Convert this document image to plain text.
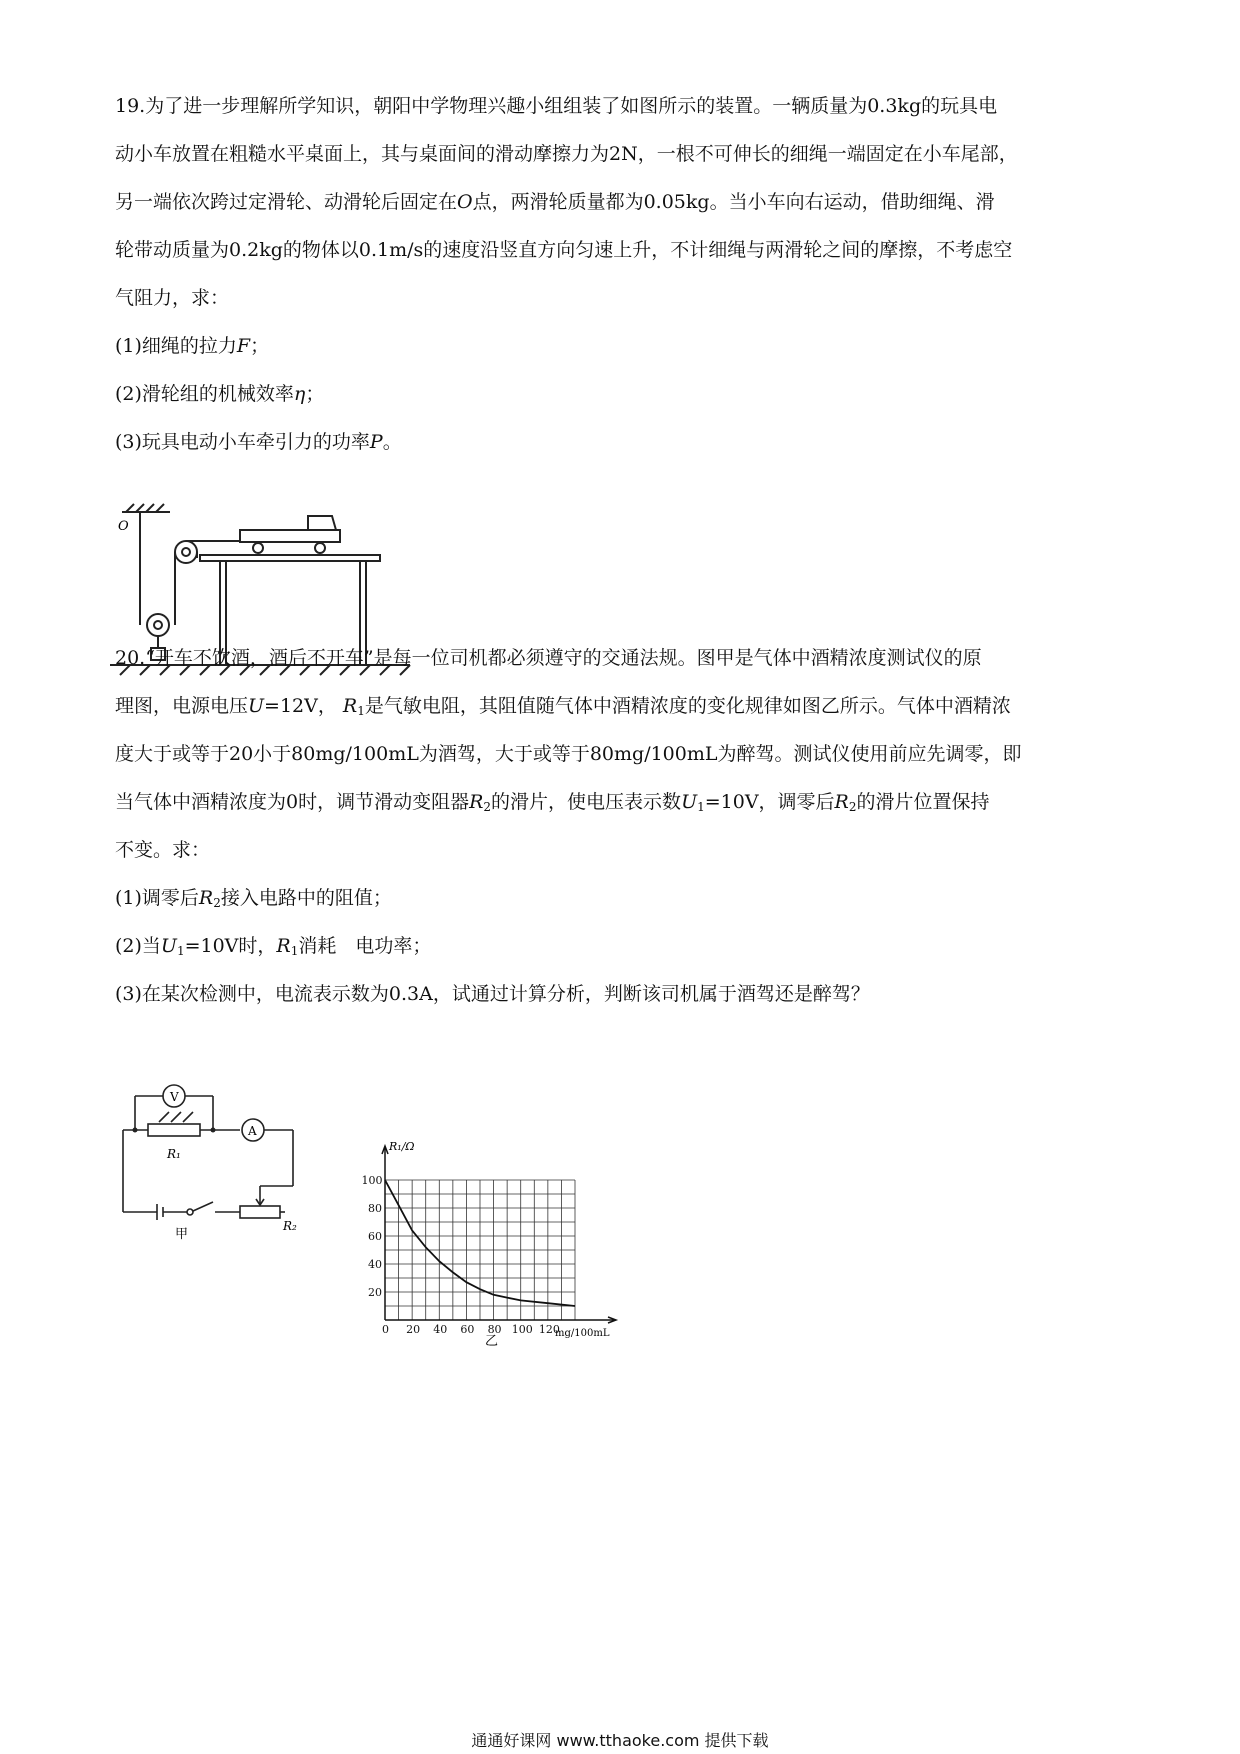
19.为了进一步理解所学知识，朝阳中学物理兴趣小组组装了如图所示的装置。一辆质量为0.3kg的玩具电
动小车放置在粗糙水平桌面上，其与桌面间的滑动摩擦力为2N，一根不可伸长的细绳一端固定在小车尾部，
另一端依次跨过定滑轮、动滑轮后固定在O点，两滑轮质量都为0.05kg。当小车向右运动，借助细绳、滑
轮带动质量为0.2kg的物体以0.1m/s的速度沿竖直方向匀速上升，不计细绳与两滑轮之间的摩擦，不考虑空
气阻力，求：
(1)细绳的拉力F；
(2)滑轮组的机械效率η；
(3)玩具电动小车牵引力的功率P。
O
20.“开车不饮酒，酒后不开车”是每一位司机都必须遵守的交通法规。图甲是气体中酒精浓度测试仪的原
理图，电源电压U=12V， $R_1$是气敏电阻，其阻值随气体中酒精浓度的变化规律如图乙所示。气体中酒精浓
度大于或等于20小于80mg/100mL为酒驾，大于或等于80mg/100mL为醉驾。测试仪使用前应先调零，即
当气体中酒精浓度为0时，调节滑动变阻器$R_2$的滑片，使电压表示数$U_1=10V$，调零后$R_2$的滑片位置保持
不变。求：
(1)调零后$R_2$接入电路中的阻值；
(2)当$U_1=10V$时，$R_1$消耗　电功率；
(3)在某次检测中，电流表示数为0.3A，试通过计算分析，判断该司机属于酒驾还是醉驾？
V
A
R₁
R₂
甲
0 20 40 60 80 100 120
20
40
60
80
100
R₁/Ω
mg/100mL
乙
通通好课网 www.tthaoke.com 提供下载
